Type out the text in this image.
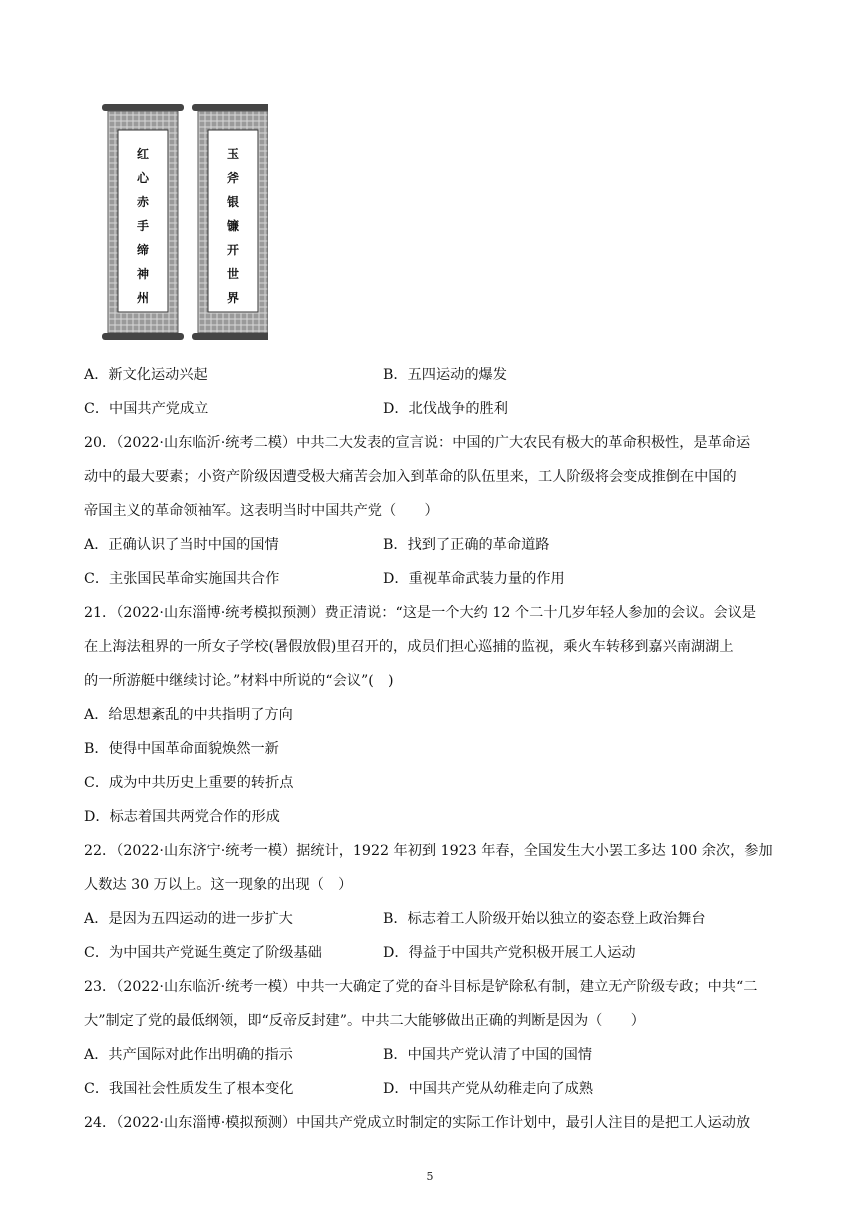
红
心
赤
手
缔
神
州
玉
斧
银
镰
开
世
界
A．新文化运动兴起	B．五四运动的爆发
C．中国共产党成立	D．北伐战争的胜利
20．（2022·山东临沂·统考二模）中共二大发表的宣言说：中国的广大农民有极大的革命积极性，是革命运
动中的最大要素；小资产阶级因遭受极大痛苦会加入到革命的队伍里来，工人阶级将会变成推倒在中国的
帝国主义的革命领袖军。这表明当时中国共产党（　　）
A．正确认识了当时中国的国情	B．找到了正确的革命道路
C．主张国民革命实施国共合作	D．重视革命武装力量的作用
21．（2022·山东淄博·统考模拟预测）费正清说：“这是一个大约 12 个二十几岁年轻人参加的会议。会议是
在上海法租界的一所女子学校(暑假放假)里召开的，成员们担心巡捕的监视，乘火车转移到嘉兴南湖湖上
的一所游艇中继续讨论。”材料中所说的“会议”(　)
A．给思想紊乱的中共指明了方向
B．使得中国革命面貌焕然一新
C．成为中共历史上重要的转折点
D．标志着国共两党合作的形成
22．（2022·山东济宁·统考一模）据统计，1922 年初到 1923 年春，全国发生大小罢工多达 100 余次，参加
人数达 30 万以上。这一现象的出现（　）
A．是因为五四运动的进一步扩大	B．标志着工人阶级开始以独立的姿态登上政治舞台
C．为中国共产党诞生奠定了阶级基础	D．得益于中国共产党积极开展工人运动
23．（2022·山东临沂·统考一模）中共一大确定了党的奋斗目标是铲除私有制，建立无产阶级专政；中共“二
大”制定了党的最低纲领，即“反帝反封建”。中共二大能够做出正确的判断是因为（　　）
A．共产国际对此作出明确的指示	B．中国共产党认清了中国的国情
C．我国社会性质发生了根本变化	D．中国共产党从幼稚走向了成熟
24．（2022·山东淄博·模拟预测）中国共产党成立时制定的实际工作计划中，最引人注目的是把工人运动放
5
